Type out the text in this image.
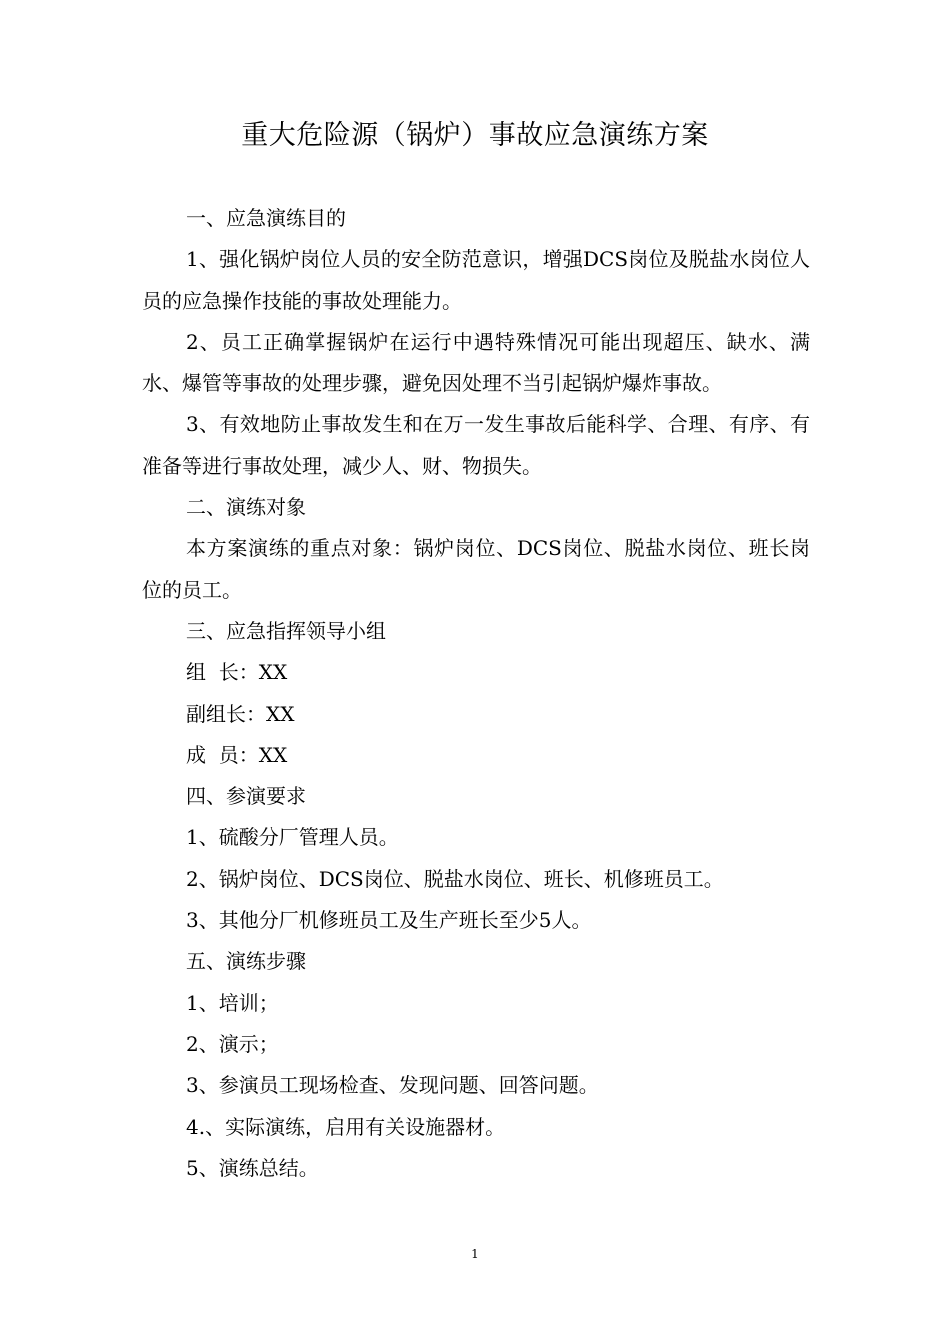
重大危险源（锅炉）事故应急演练方案

一、应急演练目的

1、强化锅炉岗位人员的安全防范意识，增强DCS岗位及脱盐水岗位人员的应急操作技能的事故处理能力。

2、员工正确掌握锅炉在运行中遇特殊情况可能出现超压、缺水、满水、爆管等事故的处理步骤，避免因处理不当引起锅炉爆炸事故。

3、有效地防止事故发生和在万一发生事故后能科学、合理、有序、有准备等进行事故处理，减少人、财、物损失。

二、演练对象

本方案演练的重点对象：锅炉岗位、DCS岗位、脱盐水岗位、班长岗位的员工。

三、应急指挥领导小组

组  长：XX

副组长：XX

成  员：XX

四、参演要求

1、硫酸分厂管理人员。

2、锅炉岗位、DCS岗位、脱盐水岗位、班长、机修班员工。

3、其他分厂机修班员工及生产班长至少5人。

五、演练步骤

1、培训；

2、演示；

3、参演员工现场检查、发现问题、回答问题。

4.、实际演练，启用有关设施器材。

5、演练总结。

1
